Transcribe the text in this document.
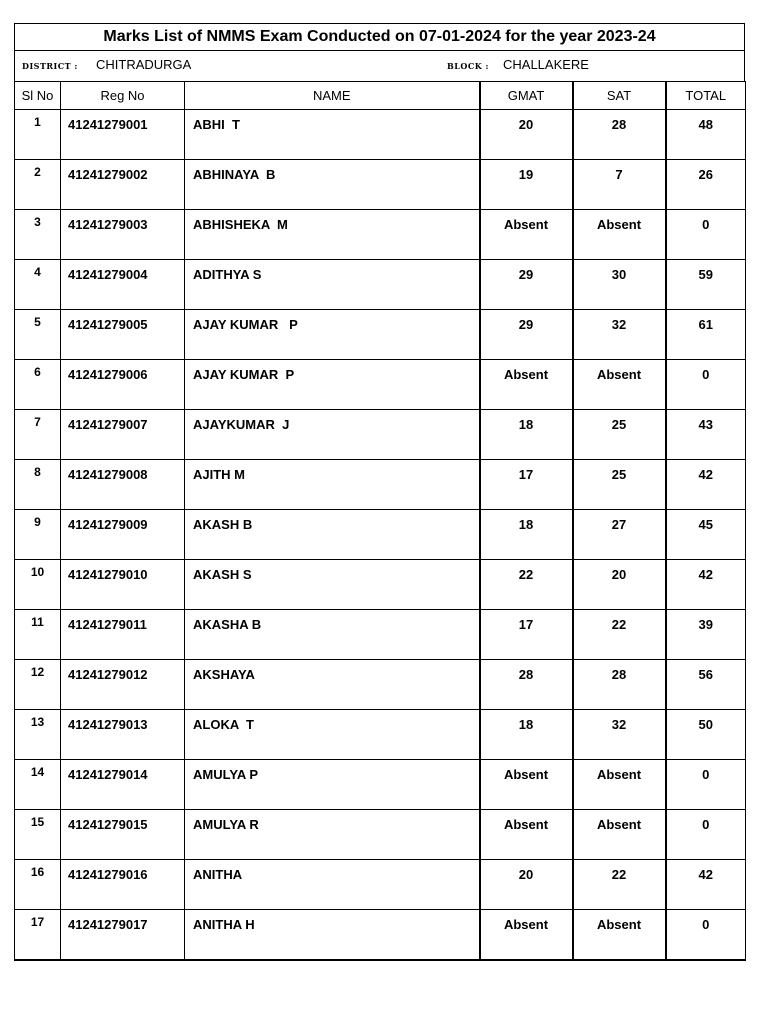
Marks List of NMMS Exam Conducted on 07-01-2024 for the year 2023-24
DISTRICT : CHITRADURGA	BLOCK : CHALLAKERE
Sl No	Reg No	NAME	GMAT	SAT	TOTAL
1	41241279001	ABHI  T	20	28	48
2	41241279002	ABHINAYA  B	19	7	26
3	41241279003	ABHISHEKA  M	Absent	Absent	0
4	41241279004	ADITHYA S	29	30	59
5	41241279005	AJAY KUMAR   P	29	32	61
6	41241279006	AJAY KUMAR  P	Absent	Absent	0
7	41241279007	AJAYKUMAR  J	18	25	43
8	41241279008	AJITH M	17	25	42
9	41241279009	AKASH B	18	27	45
10	41241279010	AKASH S	22	20	42
11	41241279011	AKASHA B	17	22	39
12	41241279012	AKSHAYA	28	28	56
13	41241279013	ALOKA  T	18	32	50
14	41241279014	AMULYA P	Absent	Absent	0
15	41241279015	AMULYA R	Absent	Absent	0
16	41241279016	ANITHA	20	22	42
17	41241279017	ANITHA H	Absent	Absent	0
